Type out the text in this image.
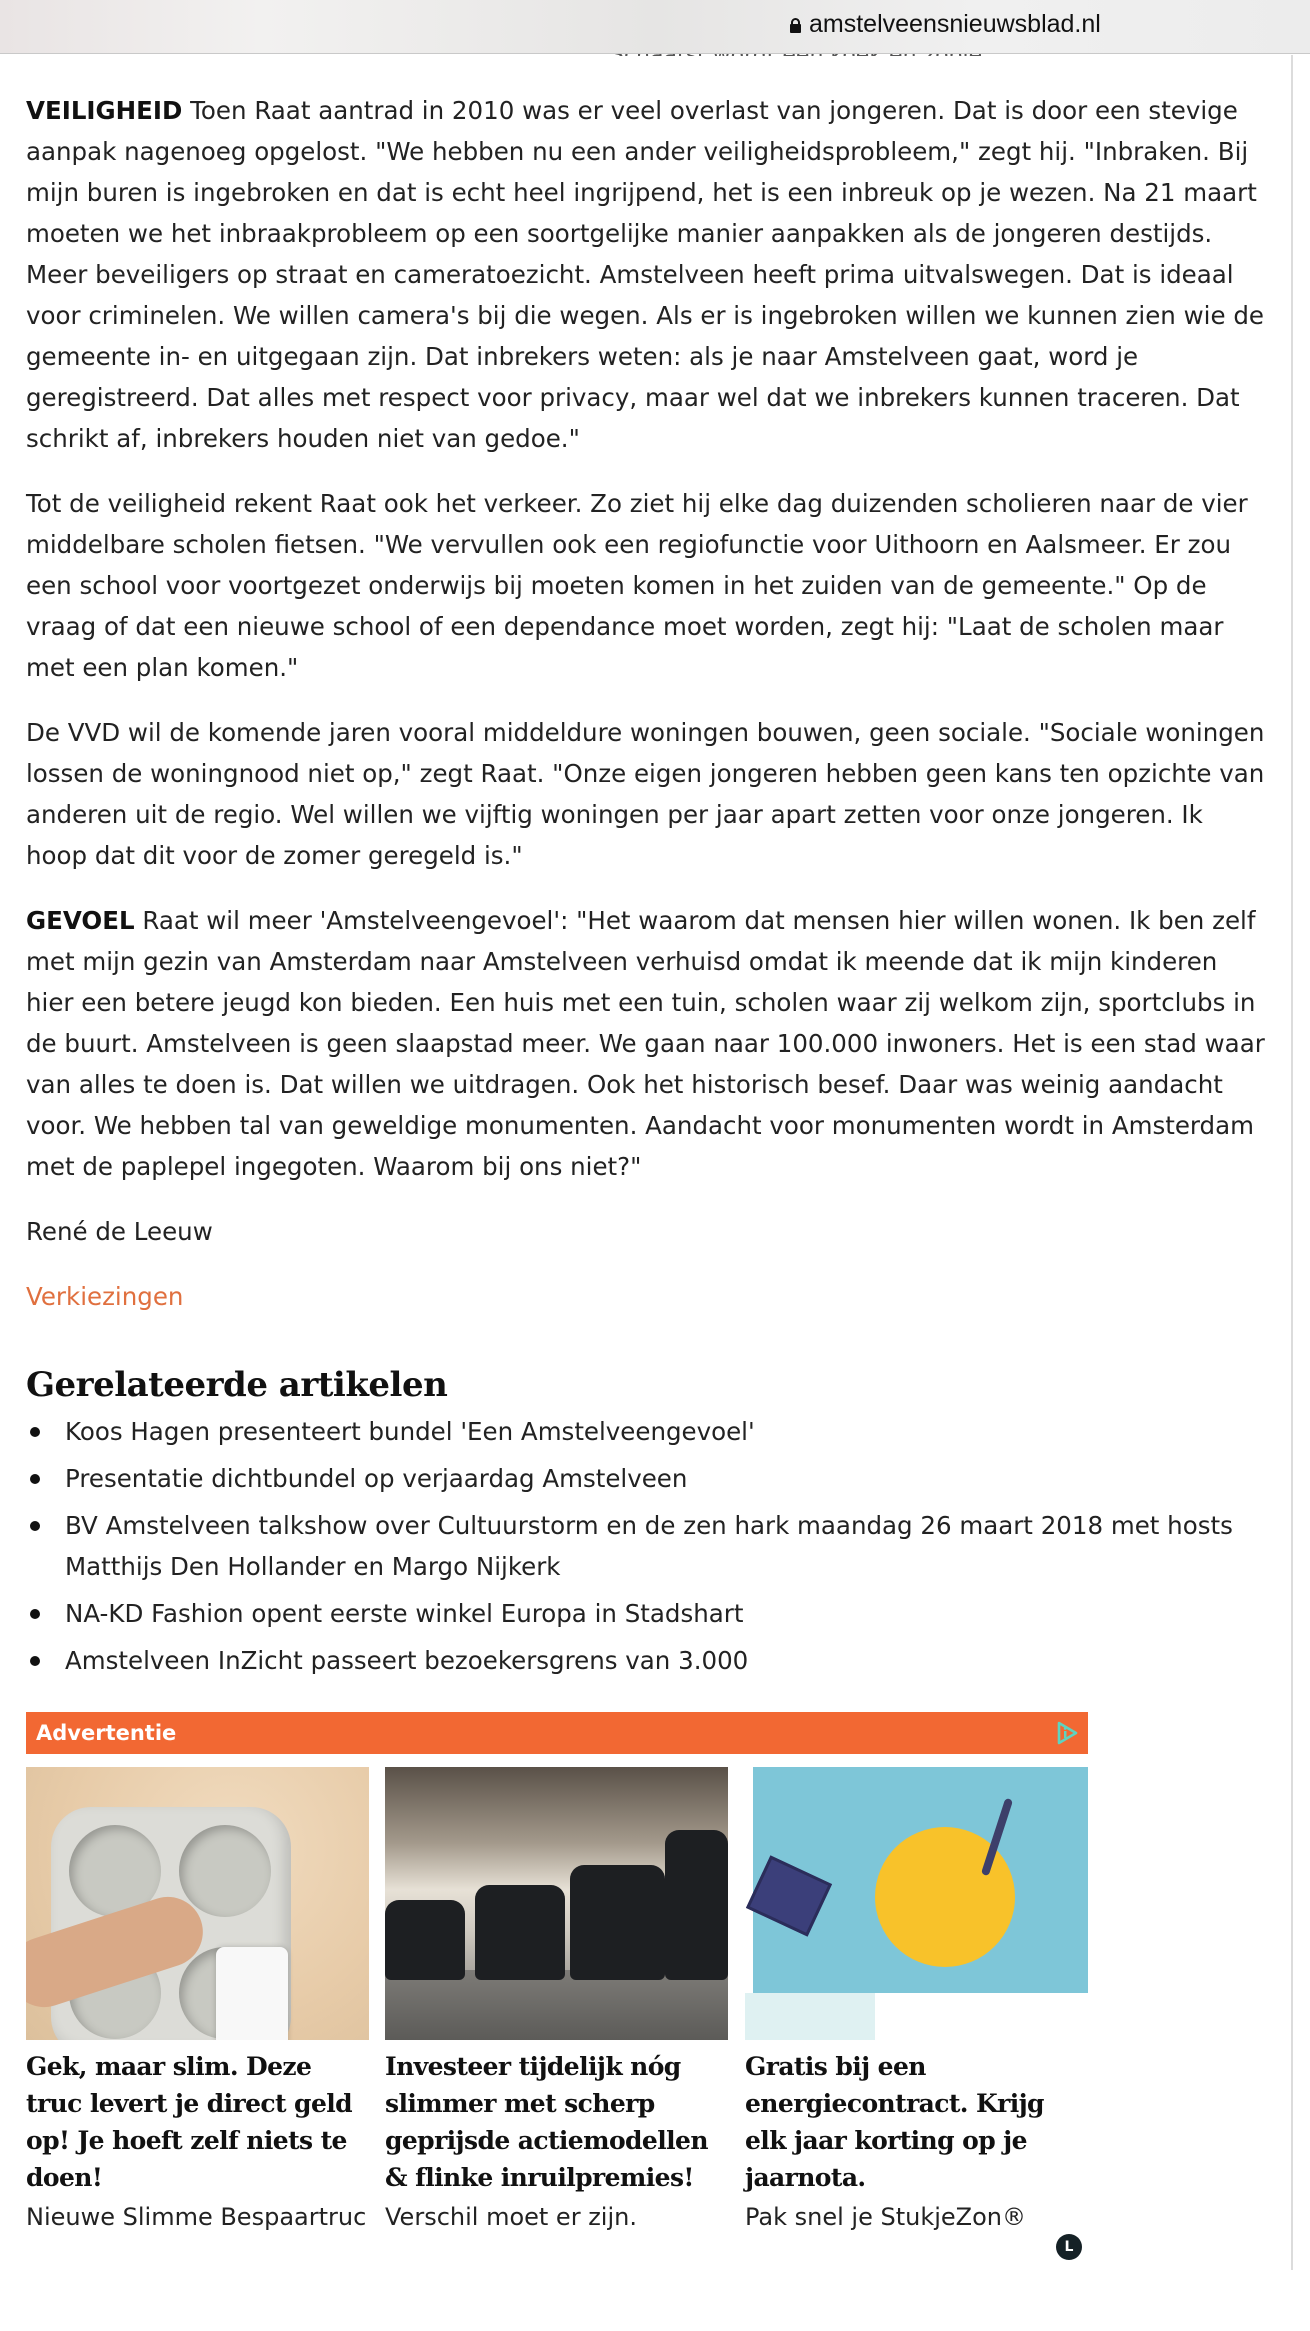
amstelveensnieuwsblad.nl

VEILIGHEID Toen Raat aantrad in 2010 was er veel overlast van jongeren. Dat is door een stevige aanpak nagenoeg opgelost. "We hebben nu een ander veiligheidsprobleem," zegt hij. "Inbraken. Bij mijn buren is ingebroken en dat is echt heel ingrijpend, het is een inbreuk op je wezen. Na 21 maart moeten we het inbraakprobleem op een soortgelijke manier aanpakken als de jongeren destijds. Meer beveiligers op straat en cameratoezicht. Amstelveen heeft prima uitvalswegen. Dat is ideaal voor criminelen. We willen camera's bij die wegen. Als er is ingebroken willen we kunnen zien wie de gemeente in- en uitgegaan zijn. Dat inbrekers weten: als je naar Amstelveen gaat, word je geregistreerd. Dat alles met respect voor privacy, maar wel dat we inbrekers kunnen traceren. Dat schrikt af, inbrekers houden niet van gedoe."

Tot de veiligheid rekent Raat ook het verkeer. Zo ziet hij elke dag duizenden scholieren naar de vier middelbare scholen fietsen. "We vervullen ook een regiofunctie voor Uithoorn en Aalsmeer. Er zou een school voor voortgezet onderwijs bij moeten komen in het zuiden van de gemeente." Op de vraag of dat een nieuwe school of een dependance moet worden, zegt hij: "Laat de scholen maar met een plan komen."

De VVD wil de komende jaren vooral middeldure woningen bouwen, geen sociale. "Sociale woningen lossen de woningnood niet op," zegt Raat. "Onze eigen jongeren hebben geen kans ten opzichte van anderen uit de regio. Wel willen we vijftig woningen per jaar apart zetten voor onze jongeren. Ik hoop dat dit voor de zomer geregeld is."

GEVOEL Raat wil meer 'Amstelveengevoel': "Het waarom dat mensen hier willen wonen. Ik ben zelf met mijn gezin van Amsterdam naar Amstelveen verhuisd omdat ik meende dat ik mijn kinderen hier een betere jeugd kon bieden. Een huis met een tuin, scholen waar zij welkom zijn, sportclubs in de buurt. Amstelveen is geen slaapstad meer. We gaan naar 100.000 inwoners. Het is een stad waar van alles te doen is. Dat willen we uitdragen. Ook het historisch besef. Daar was weinig aandacht voor. We hebben tal van geweldige monumenten. Aandacht voor monumenten wordt in Amsterdam met de paplepel ingegoten. Waarom bij ons niet?"

René de Leeuw
Verkiezingen
Gerelateerde artikelen
Koos Hagen presenteert bundel 'Een Amstelveengevoel'
Presentatie dichtbundel op verjaardag Amstelveen
BV Amstelveen talkshow over Cultuurstorm en de zen hark maandag 26 maart 2018 met hosts Matthijs Den Hollander en Margo Nijkerk
NA-KD Fashion opent eerste winkel Europa in Stadshart
Amstelveen InZicht passeert bezoekersgrens van 3.000
Advertentie
Gek, maar slim. Deze truc levert je direct geld op! Je hoeft zelf niets te doen!
Nieuwe Slimme Bespaartruc
Investeer tijdelijk nóg slimmer met scherp geprijsde actiemodellen & flinke inruilpremies!
Verschil moet er zijn.
Gratis bij een energiecontract. Krijg elk jaar korting op je jaarnota.
Pak snel je StukjeZon®
L
